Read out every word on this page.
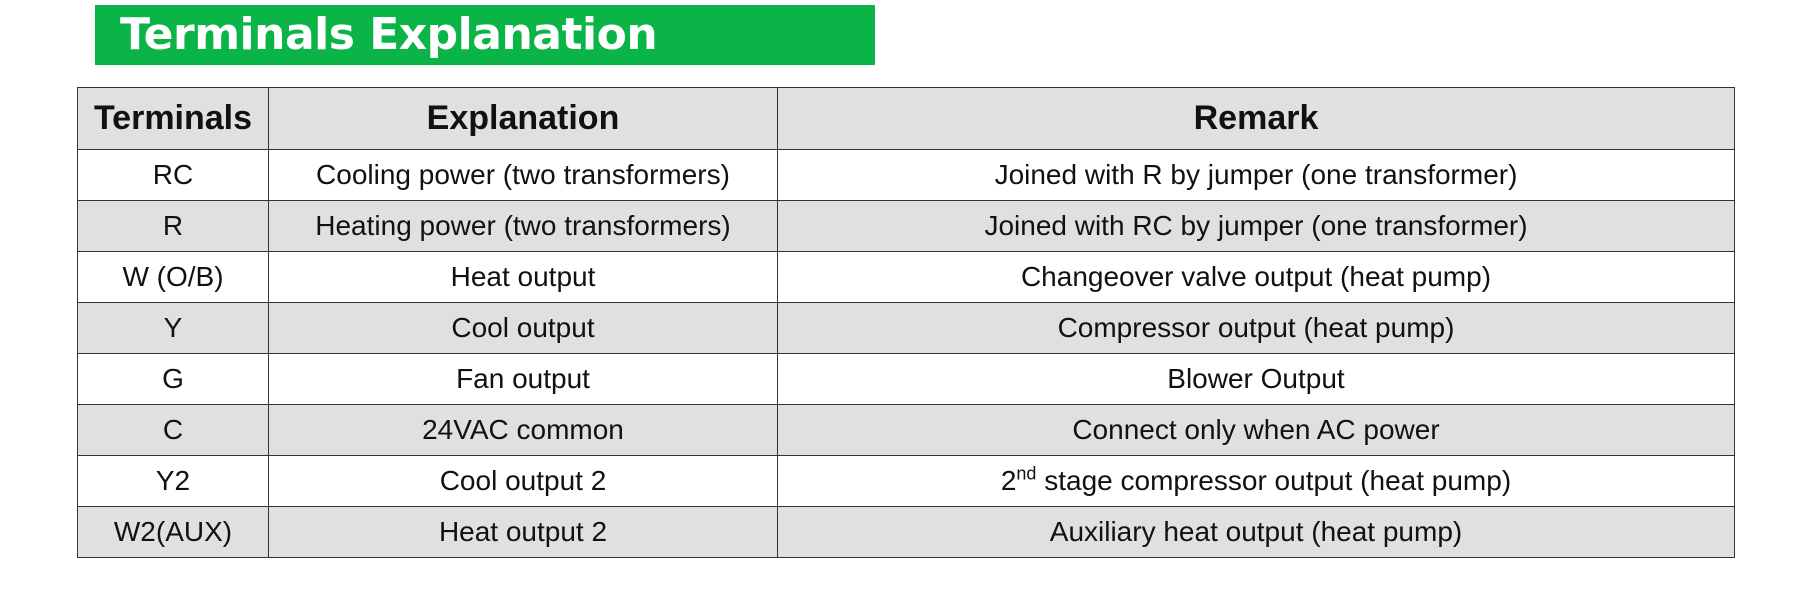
Terminals Explanation
Terminals	Explanation	Remark
RC	Cooling power (two transformers)	Joined with R by jumper (one transformer)
R	Heating power (two transformers)	Joined with RC by jumper (one transformer)
W (O/B)	Heat output	Changeover valve output (heat pump)
Y	Cool output	Compressor output (heat pump)
G	Fan output	Blower Output
C	24VAC common	Connect only when AC power
Y2	Cool output 2	2nd stage compressor output (heat pump)
W2(AUX)	Heat output 2	Auxiliary heat output (heat pump)
